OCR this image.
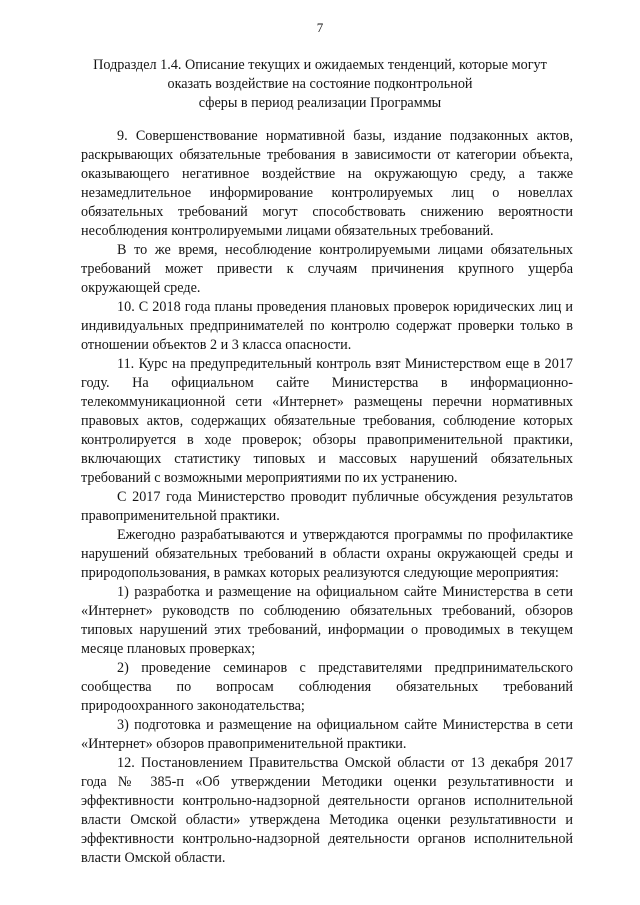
7
Подраздел 1.4. Описание текущих и ожидаемых тенденций, которые могут
оказать воздействие на состояние подконтрольной
сферы в период реализации Программы

9. Совершенствование нормативной базы, издание подзаконных актов, раскрывающих обязательные требования в зависимости от категории объекта, оказывающего негативное воздействие на окружающую среду, а также незамедлительное информирование контролируемых лиц о новеллах обязательных требований могут способствовать снижению вероятности несоблюдения контролируемыми лицами обязательных требований.

В то же время, несоблюдение контролируемыми лицами обязательных требований может привести к случаям причинения крупного ущерба окружающей среде.

10. С 2018 года планы проведения плановых проверок юридических лиц и индивидуальных предпринимателей по контролю содержат проверки только в отношении объектов 2 и 3 класса опасности.

11. Курс на предупредительный контроль взят Министерством еще в 2017 году. На официальном сайте Министерства в информационно-телекоммуникационной сети «Интернет» размещены перечни нормативных правовых актов, содержащих обязательные требования, соблюдение которых контролируется в ходе проверок; обзоры правоприменительной практики, включающих статистику типовых и массовых нарушений обязательных требований с возможными мероприятиями по их устранению.

С 2017 года Министерство проводит публичные обсуждения результатов правоприменительной практики.

Ежегодно разрабатываются и утверждаются программы по профилактике нарушений обязательных требований в области охраны окружающей среды и природопользования, в рамках которых реализуются следующие мероприятия:

1) разработка и размещение на официальном сайте Министерства в сети «Интернет» руководств по соблюдению обязательных требований, обзоров типовых нарушений этих требований, информации о проводимых в текущем месяце плановых проверках;

2) проведение семинаров с представителями предпринимательского сообщества по вопросам соблюдения обязательных требований природоохранного законодательства;

3) подготовка и размещение на официальном сайте Министерства в сети «Интернет» обзоров правоприменительной практики.

12. Постановлением Правительства Омской области от 13 декабря 2017 года № 385-п «Об утверждении Методики оценки результативности и эффективности контрольно-надзорной деятельности органов исполнительной власти Омской области» утверждена Методика оценки результативности и эффективности контрольно-надзорной деятельности органов исполнительной власти Омской области.
